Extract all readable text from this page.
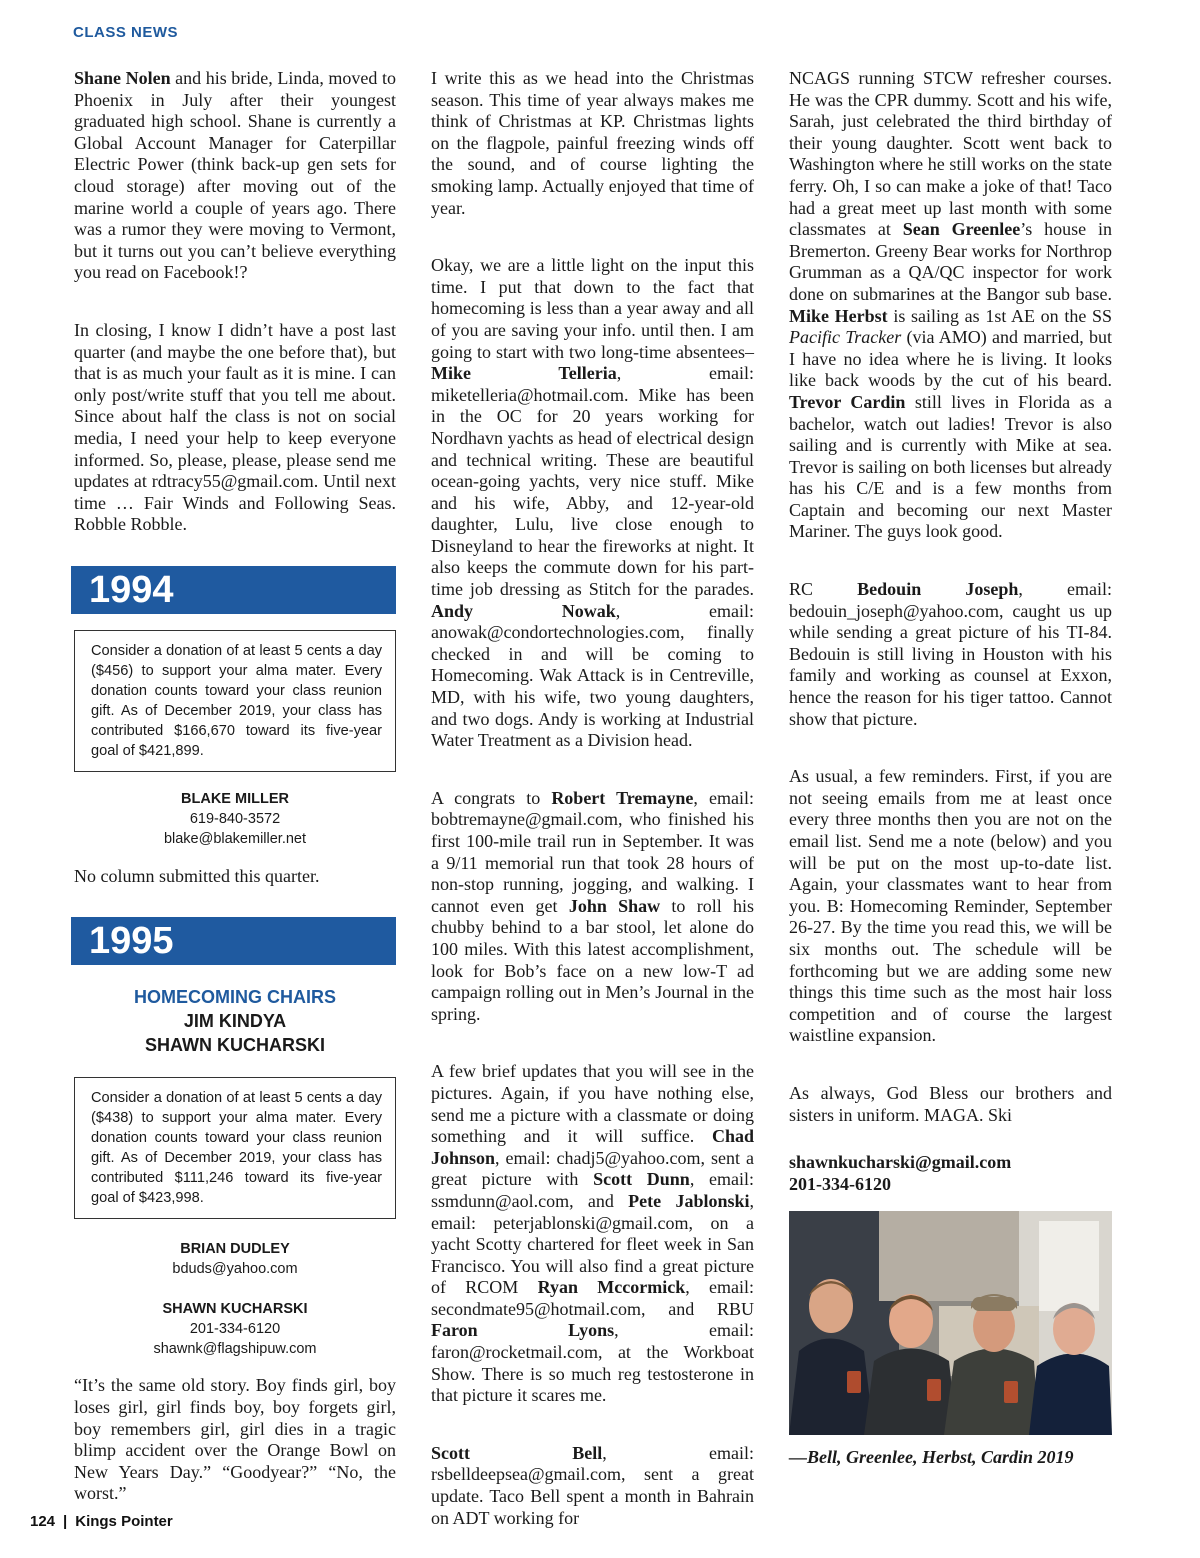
CLASS NEWS

Shane Nolen and his bride, Linda, moved to Phoenix in July after their youngest graduated high school. Shane is currently a Global Account Manager for Caterpillar Electric Power (think back-up gen sets for cloud storage) after moving out of the marine world a couple of years ago. There was a rumor they were moving to Vermont, but it turns out you can’t believe everything you read on Facebook!?

In closing, I know I didn’t have a post last quarter (and maybe the one before that), but that is as much your fault as it is mine. I can only post/write stuff that you tell me about. Since about half the class is not on social media, I need your help to keep everyone informed. So, please, please, please send me updates at rdtracy55@gmail.com. Until next time … Fair Winds and Following Seas. Robble Robble.

1994
Consider a donation of at least 5 cents a day ($456) to support your alma mater. Every donation counts toward your class reunion gift. As of December 2019, your class has contributed $166,670 toward its five-year goal of $421,899.
BLAKE MILLER
619-840-3572
blake@blakemiller.net

No column submitted this quarter.

1995
HOMECOMING CHAIRS
JIM KINDYA
SHAWN KUCHARSKI
Consider a donation of at least 5 cents a day ($438) to support your alma mater. Every donation counts toward your class reunion gift. As of December 2019, your class has contributed $111,246 toward its five-year goal of $423,998.
BRIAN DUDLEY
bduds@yahoo.com
SHAWN KUCHARSKI
201-334-6120
shawnk@flagshipuw.com

“It’s the same old story. Boy finds girl, boy loses girl, girl finds boy, boy forgets girl, boy remembers girl, girl dies in a tragic blimp accident over the Orange Bowl on New Years Day.” “Goodyear?” “No, the worst.”

I write this as we head into the Christmas season. This time of year always makes me think of Christmas at KP. Christmas lights on the flagpole, painful freezing winds off the sound, and of course lighting the smoking lamp. Actually enjoyed that time of year.

Okay, we are a little light on the input this time. I put that down to the fact that homecoming is less than a year away and all of you are saving your info. until then. I am going to start with two long-time absentees– Mike Telleria, email: miketelleria@hotmail.com. Mike has been in the OC for 20 years working for Nordhavn yachts as head of electrical design and technical writing. These are beautiful ocean-going yachts, very nice stuff. Mike and his wife, Abby, and 12-year-old daughter, Lulu, live close enough to Disneyland to hear the fireworks at night. It also keeps the commute down for his part-time job dressing as Stitch for the parades. Andy Nowak, email: anowak@condortechnologies.com, finally checked in and will be coming to Homecoming. Wak Attack is in Centreville, MD, with his wife, two young daughters, and two dogs. Andy is working at Industrial Water Treatment as a Division head.

A congrats to Robert Tremayne, email: bobtremayne@gmail.com, who finished his first 100-mile trail run in September. It was a 9/11 memorial run that took 28 hours of non-stop running, jogging, and walking. I cannot even get John Shaw to roll his chubby behind to a bar stool, let alone do 100 miles. With this latest accomplishment, look for Bob’s face on a new low-T ad campaign rolling out in Men’s Journal in the spring.

A few brief updates that you will see in the pictures. Again, if you have nothing else, send me a picture with a classmate or doing something and it will suffice. Chad Johnson, email: chadj5@yahoo.com, sent a great picture with Scott Dunn, email: ssmdunn@aol.com, and Pete Jablonski, email: peterjablonski@gmail.com, on a yacht Scotty chartered for fleet week in San Francisco. You will also find a great picture of RCOM Ryan Mccormick, email: secondmate95@hotmail.com, and RBU Faron Lyons, email: faron@rocketmail.com, at the Workboat Show. There is so much reg testosterone in that picture it scares me.

Scott Bell, email: rsbelldeepsea@gmail.com, sent a great update. Taco Bell spent a month in Bahrain on ADT working for

NCAGS running STCW refresher courses. He was the CPR dummy. Scott and his wife, Sarah, just celebrated the third birthday of their young daughter. Scott went back to Washington where he still works on the state ferry. Oh, I so can make a joke of that! Taco had a great meet up last month with some classmates at Sean Greenlee’s house in Bremerton. Greeny Bear works for Northrop Grumman as a QA/QC inspector for work done on submarines at the Bangor sub base. Mike Herbst is sailing as 1st AE on the SS Pacific Tracker (via AMO) and married, but I have no idea where he is living. It looks like back woods by the cut of his beard. Trevor Cardin still lives in Florida as a bachelor, watch out ladies! Trevor is also sailing and is currently with Mike at sea. Trevor is sailing on both licenses but already has his C/E and is a few months from Captain and becoming our next Master Mariner. The guys look good.

RC Bedouin Joseph, email: bedouin_joseph@yahoo.com, caught us up while sending a great picture of his TI-84. Bedouin is still living in Houston with his family and working as counsel at Exxon, hence the reason for his tiger tattoo. Cannot show that picture.

As usual, a few reminders. First, if you are not seeing emails from me at least once every three months then you are not on the email list. Send me a note (below) and you will be put on the most up-to-date list. Again, your classmates want to hear from you. B: Homecoming Reminder, September 26-27. By the time you read this, we will be six months out. The schedule will be forthcoming but we are adding some new things this time such as the most hair loss competition and of course the largest waistline expansion.

As always, God Bless our brothers and sisters in uniform. MAGA. Ski

shawnkucharski@gmail.com
201-334-6120
—Bell, Greenlee, Herbst, Cardin 2019
124 | Kings Pointer
